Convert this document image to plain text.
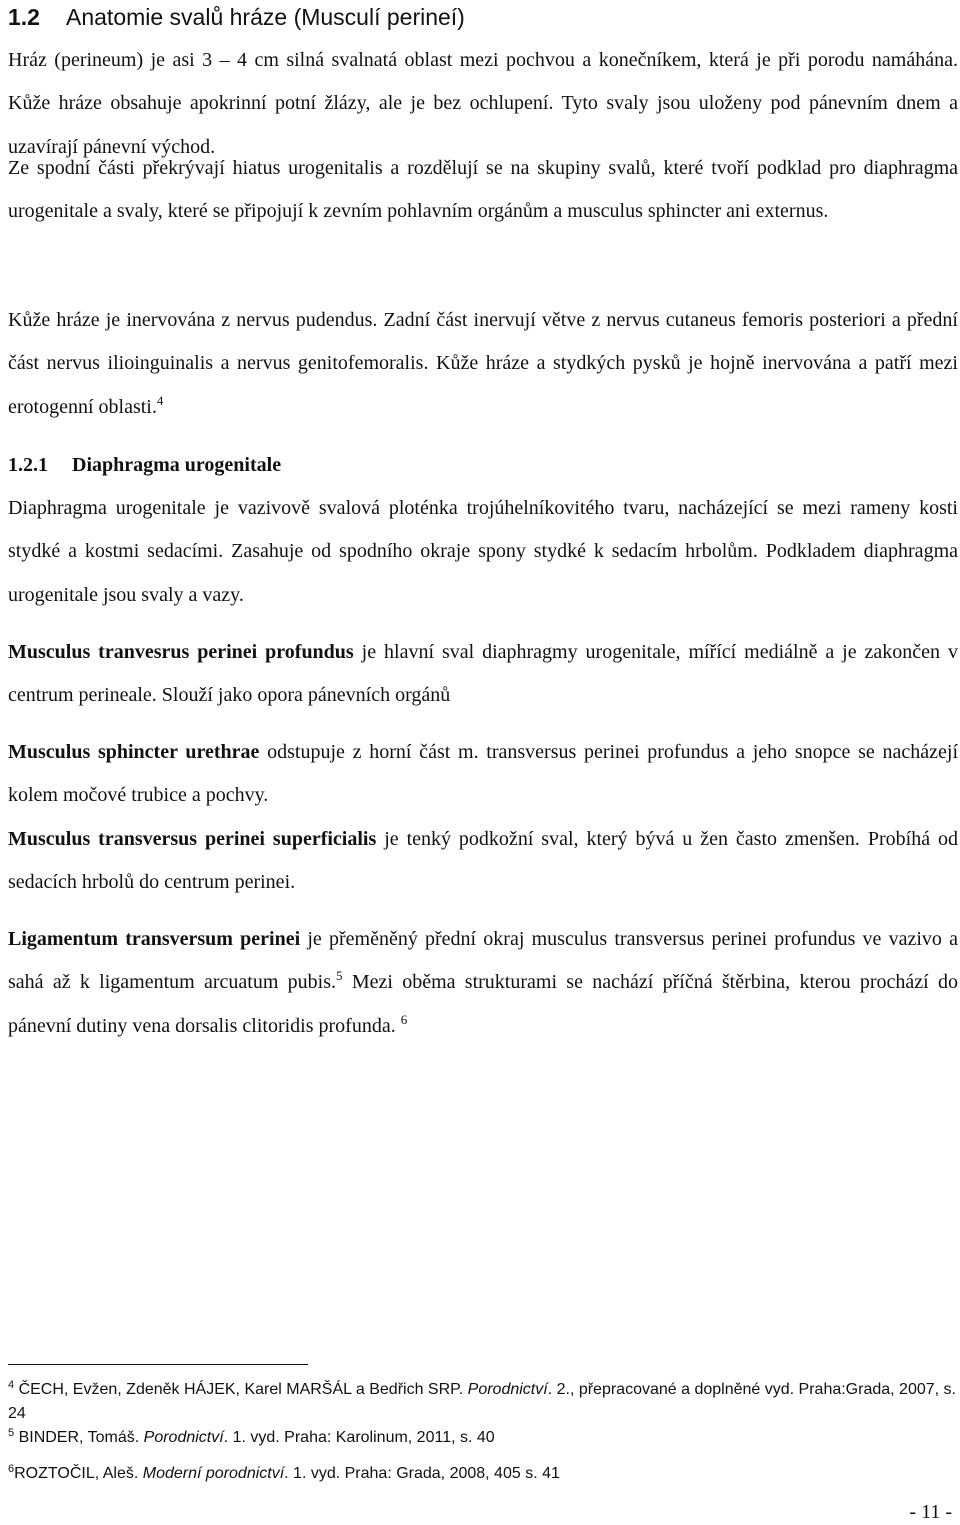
1.2 Anatomie svalů hráze (Musculí perineí)

Hráz (perineum) je asi 3 – 4 cm silná svalnatá oblast mezi pochvou a konečníkem, která je při porodu namáhána. Kůže hráze obsahuje apokrinní potní žlázy, ale je bez ochlupení. Tyto svaly jsou uloženy pod pánevním dnem a uzavírají pánevní východ.

Ze spodní části překrývají hiatus urogenitalis a rozdělují se na skupiny svalů, které tvoří podklad pro diaphragma urogenitale a svaly, které se připojují k zevním pohlavním orgánům a musculus sphincter ani externus.

Kůže hráze je inervována z nervus pudendus. Zadní část inervují větve z nervus cutaneus femoris posteriori a přední část nervus ilioinguinalis a nervus genitofemoralis. Kůže hráze a stydkých pysků je hojně inervována a patří mezi erotogenní oblasti.$^4$

1.2.1 Diaphragma urogenitale

Diaphragma urogenitale je vazivově svalová ploténka trojúhelníkovitého tvaru, nacházející se mezi rameny kosti stydké a kostmi sedacími. Zasahuje od spodního okraje spony stydké k sedacím hrbolům. Podkladem diaphragma urogenitale jsou svaly a vazy.

Musculus tranvesrus perinei profundus je hlavní sval diaphragmy urogenitale, mířící mediálně a je zakončen v centrum perineale. Slouží jako opora pánevních orgánů

Musculus sphincter urethrae odstupuje z horní část m. transversus perinei profundus a jeho snopce se nacházejí kolem močové trubice a pochvy.

Musculus transversus perinei superficialis je tenký podkožní sval, který bývá u žen často zmenšen. Probíhá od sedacích hrbolů do centrum perinei.

Ligamentum transversum perinei je přeměněný přední okraj musculus transversus perinei profundus ve vazivo a sahá až k ligamentum arcuatum pubis.$^5$ Mezi oběma strukturami se nachází příčná štěrbina, kterou prochází do pánevní dutiny vena dorsalis clitoridis profunda. $^6$

$^4$ ČECH, Evžen, Zdeněk HÁJEK, Karel MARŠÁL a Bedřich SRP. Porodnictví. 2., přepracované a doplněné vyd. Praha:Grada, 2007, s. 24
$^5$ BINDER, Tomáš. Porodnictví. 1. vyd. Praha: Karolinum, 2011, s. 40
$^6$ROZTOČIL, Aleš. Moderní porodnictví. 1. vyd. Praha: Grada, 2008, 405 s. 41
- 11 -
